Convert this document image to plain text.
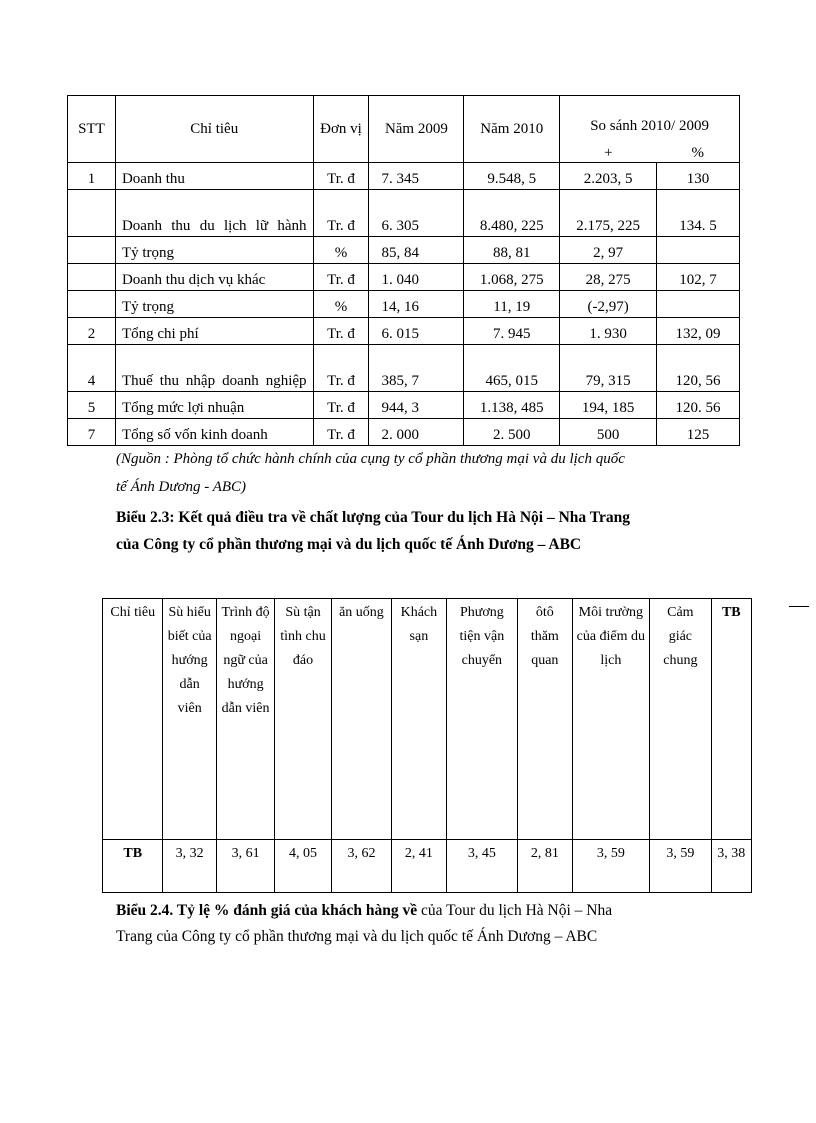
STT	Chỉ tiêu	Đơn vị	Năm 2009	Năm 2010	So sánh 2010/ 2009	
					+	%
1	Doanh thu	Tr. đ	7. 345	9.548, 5	2.203, 5	130
	Doanh thu du lịch lữ hành	Tr. đ	6. 305	8.480, 225	2.175, 225	134. 5
	Tỷ trọng	%	85, 84	88, 81	2, 97	
	Doanh thu dịch vụ khác	Tr. đ	1. 040	1.068, 275	28, 275	102, 7
	Tỷ trọng	%	14, 16	11, 19	(-2,97)	
2	Tổng chi phí	Tr. đ	6. 015	7. 945	1. 930	132, 09
4	Thuế thu nhập doanh nghiệp	Tr. đ	385, 7	465, 015	79, 315	120, 56
5	Tổng mức lợi nhuận	Tr. đ	944, 3	1.138, 485	194, 185	120. 56
7	Tổng số vốn kinh doanh	Tr. đ	2. 000	2. 500	500	125
(Nguồn : Phòng tổ chức hành chính của cụng ty cổ phần thương mại và du lịch quốc
tế Ánh Dương - ABC)
Biểu 2.3: Kết quả điều tra về chất lượng của Tour du lịch Hà Nội – Nha Trang
của Công ty cổ phần thương mại và du lịch quốc tế Ánh Dương – ABC
Chỉ tiêu	Sù hiểu biết của hướng dẫn viên	Trình độ ngoại ngữ của hướng dẫn viên	Sù tận tình chu đáo	ăn uống	Khách sạn	Phương tiện vận chuyển	ôtô thăm quan	Môi trường của điểm du lịch	Cảm giác chung	TB
TB	3, 32	3, 61	4, 05	3, 62	2, 41	3, 45	2, 81	3, 59	3, 59	3, 38
Biểu 2.4. Tỷ lệ % đánh giá của khách hàng về của Tour du lịch Hà Nội – Nha
Trang của Công ty cổ phần thương mại và du lịch quốc tế Ánh Dương – ABC
